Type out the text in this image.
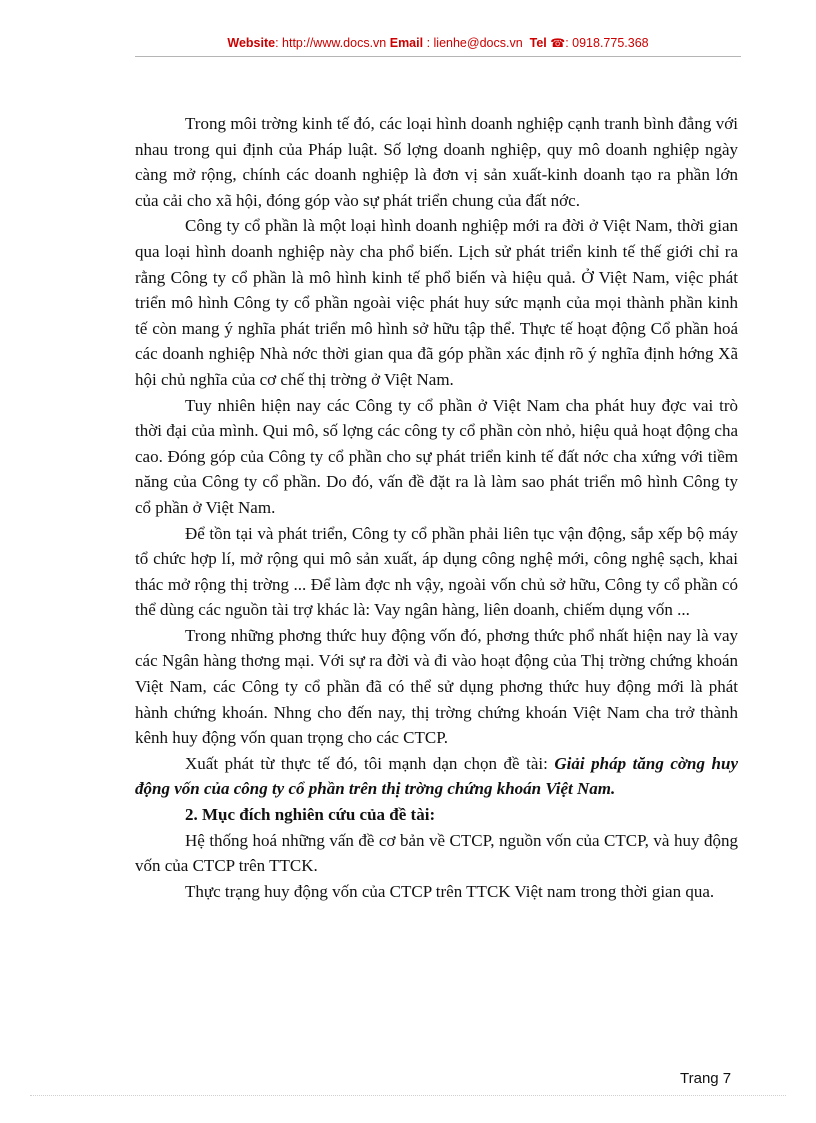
Website: http://www.docs.vn Email : lienhe@docs.vn Tel ☎: 0918.775.368

Trong môi trờng kinh tế đó, các loại hình doanh nghiệp cạnh tranh bình đẳng với nhau trong qui định của Pháp luật. Số lợng doanh nghiệp, quy mô doanh nghiệp ngày càng mở rộng, chính các doanh nghiệp là đơn vị sản xuất-kinh doanh tạo ra phần lớn của cải cho xã hội, đóng góp vào sự phát triển chung của đất nớc.

Công ty cổ phần là một loại hình doanh nghiệp mới ra đời ở Việt Nam, thời gian qua loại hình doanh nghiệp này cha phổ biến. Lịch sử phát triển kinh tế thế giới chỉ ra rằng Công ty cổ phần là mô hình kinh tế phổ biến và hiệu quả. Ở Việt Nam, việc phát triển mô hình Công ty cổ phần ngoài việc phát huy sức mạnh của mọi thành phần kinh tế còn mang ý nghĩa phát triển mô hình sở hữu tập thể. Thực tế hoạt động Cổ phần hoá các doanh nghiệp Nhà nớc thời gian qua đã góp phần xác định rõ ý nghĩa định hớng Xã hội chủ nghĩa của cơ chế thị trờng ở Việt Nam.

Tuy nhiên hiện nay các Công ty cổ phần ở Việt Nam cha phát huy đợc vai trò thời đại của mình. Qui mô, số lợng các công ty cổ phần còn nhỏ, hiệu quả hoạt động cha cao. Đóng góp của Công ty cổ phần cho sự phát triển kinh tế đất nớc cha xứng với tiềm năng của Công ty cổ phần. Do đó, vấn đề đặt ra là làm sao phát triển mô hình Công ty cổ phần ở Việt Nam.

Để tồn tại và phát triển, Công ty cổ phần phải liên tục vận động, sắp xếp bộ máy tổ chức hợp lí, mở rộng qui mô sản xuất, áp dụng công nghệ mới, công nghệ sạch, khai thác mở rộng thị trờng ... Để làm đợc nh vậy, ngoài vốn chủ sở hữu, Công ty cổ phần có thể dùng các nguồn tài trợ khác là: Vay ngân hàng, liên doanh, chiếm dụng vốn ...

Trong những phơng thức huy động vốn đó, phơng thức phổ nhất hiện nay là vay các Ngân hàng thơng mại. Với sự ra đời và đi vào hoạt động của Thị trờng chứng khoán Việt Nam, các Công ty cổ phần đã có thể sử dụng phơng thức huy động mới là phát hành chứng khoán. Nhng cho đến nay, thị trờng chứng khoán Việt Nam cha trở thành kênh huy động vốn quan trọng cho các CTCP.

Xuất phát từ thực tế đó, tôi mạnh dạn chọn đề tài: Giải pháp tăng cờng huy động vốn của công ty cổ phần trên thị trờng chứng khoán Việt Nam.

2. Mục đích nghiên cứu của đề tài:

Hệ thống hoá những vấn đề cơ bản về CTCP, nguồn vốn của CTCP, và huy động vốn của CTCP trên TTCK.

Thực trạng huy động vốn của CTCP trên TTCK Việt nam trong thời gian qua.

Trang 7
